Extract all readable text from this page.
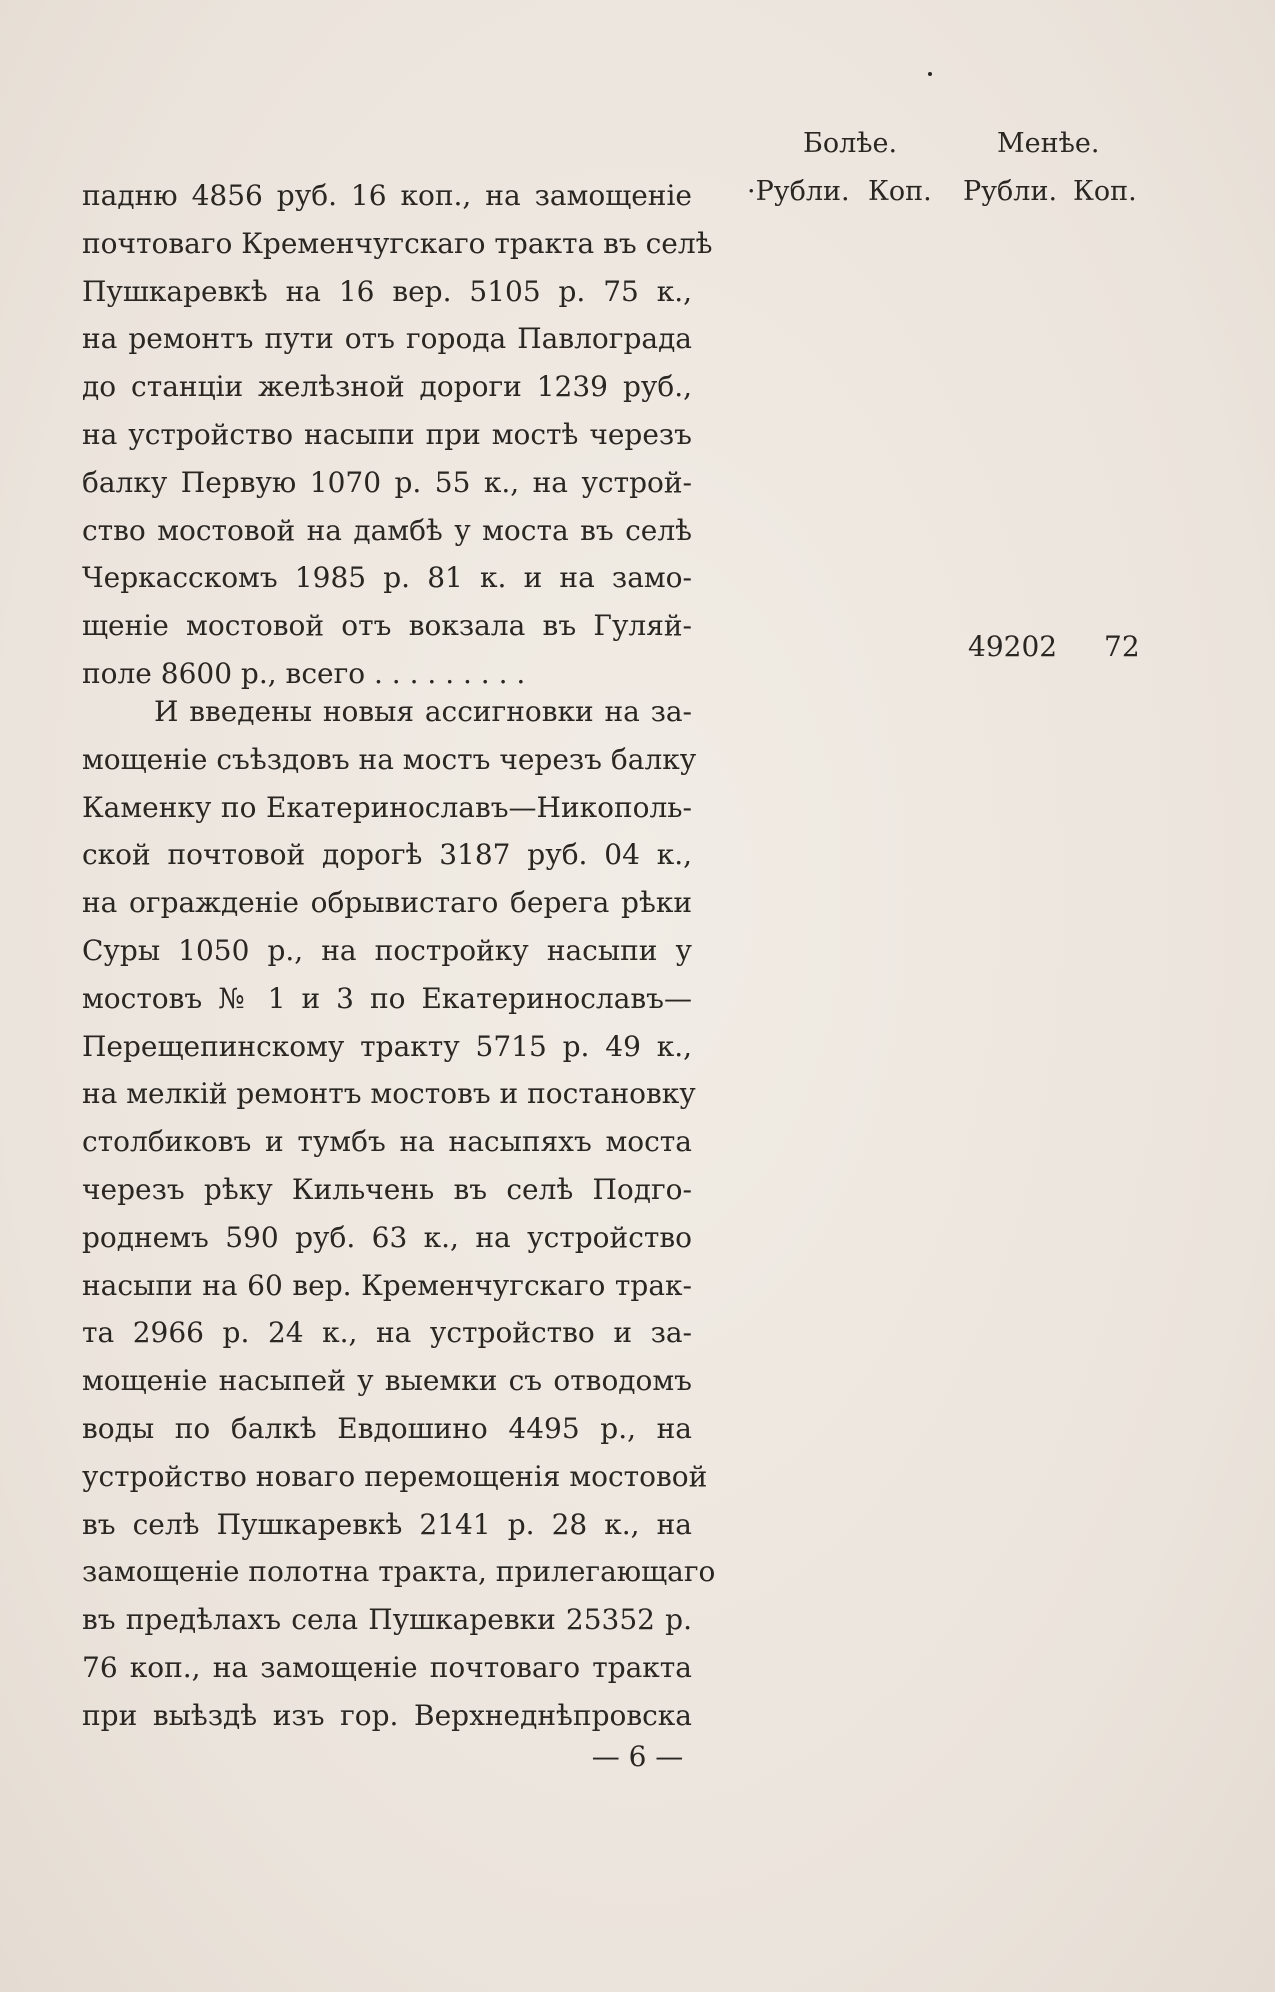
Болѣе.	Менѣе.
·Рубли. Коп. Рубли. Коп.
падню 4856 руб. 16 коп., на замощеніе
почтоваго Кременчугскаго тракта въ селѣ
Пушкаревкѣ на 16 вер. 5105 р. 75 к.,
на ремонтъ пути отъ города Павлограда
до станціи желѣзной дороги 1239 руб.,
на устройство насыпи при мостѣ черезъ
балку Первую 1070 р. 55 к., на устрой-
ство мостовой на дамбѣ у моста въ селѣ
Черкасскомъ 1985 р. 81 к. и на замо-
щеніе мостовой отъ вокзала въ Гуляй-
поле 8600 р., всего . . . . . . . . .
49202 72
И введены новыя ассигновки на за-
мощеніе съѣздовъ на мостъ черезъ балку
Каменку по Екатеринославъ—Никополь-
ской почтовой дорогѣ 3187 руб. 04 к.,
на огражденіе обрывистаго берега рѣки
Суры 1050 р., на постройку насыпи у
мостовъ № 1 и 3 по Екатеринославъ—
Перещепинскому тракту 5715 р. 49 к.,
на мелкій ремонтъ мостовъ и постановку
столбиковъ и тумбъ на насыпяхъ моста
черезъ рѣку Кильчень въ селѣ Подго-
роднемъ 590 руб. 63 к., на устройство
насыпи на 60 вер. Кременчугскаго трак-
та 2966 р. 24 к., на устройство и за-
мощеніе насыпей у выемки съ отводомъ
воды по балкѣ Евдошино 4495 р., на
устройство новаго перемощенія мостовой
въ селѣ Пушкаревкѣ 2141 р. 28 к., на
замощеніе полотна тракта, прилегающаго
въ предѣлахъ села Пушкаревки 25352 р.
76 коп., на замощеніе почтоваго тракта
при выѣздѣ изъ гор. Верхнеднѣпровска
— 6 —
